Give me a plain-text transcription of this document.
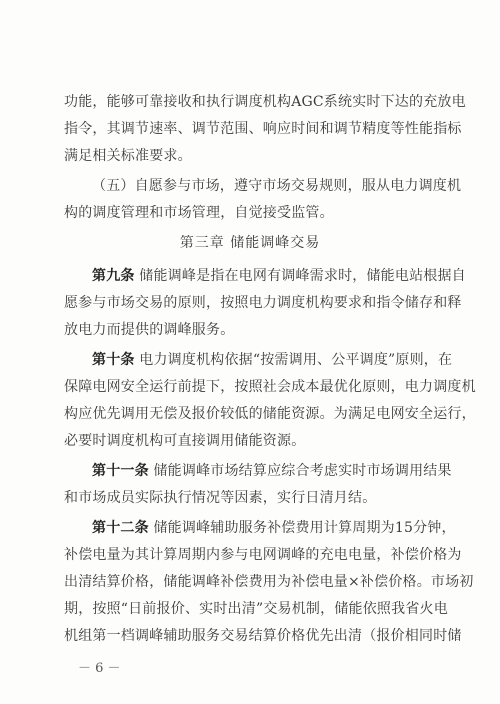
功能，能够可靠接收和执行调度机构AGC系统实时下达的充放电
指令，其调节速率、调节范围、响应时间和调节精度等性能指标
满足相关标准要求。
（五）自愿参与市场，遵守市场交易规则，服从电力调度机
构的调度管理和市场管理，自觉接受监管。
第三章 储能调峰交易
第九条 储能调峰是指在电网有调峰需求时，储能电站根据自
愿参与市场交易的原则，按照电力调度机构要求和指令储存和释
放电力而提供的调峰服务。
第十条 电力调度机构依据“按需调用、公平调度”原则，在
保障电网安全运行前提下，按照社会成本最优化原则，电力调度机
构应优先调用无偿及报价较低的储能资源。为满足电网安全运行，
必要时调度机构可直接调用储能资源。
第十一条 储能调峰市场结算应综合考虑实时市场调用结果
和市场成员实际执行情况等因素，实行日清月结。
第十二条 储能调峰辅助服务补偿费用计算周期为15分钟，
补偿电量为其计算周期内参与电网调峰的充电电量，补偿价格为
出清结算价格，储能调峰补偿费用为补偿电量×补偿价格。市场初
期，按照“日前报价、实时出清”交易机制，储能依照我省火电
机组第一档调峰辅助服务交易结算价格优先出清（报价相同时储
－ 6 －
